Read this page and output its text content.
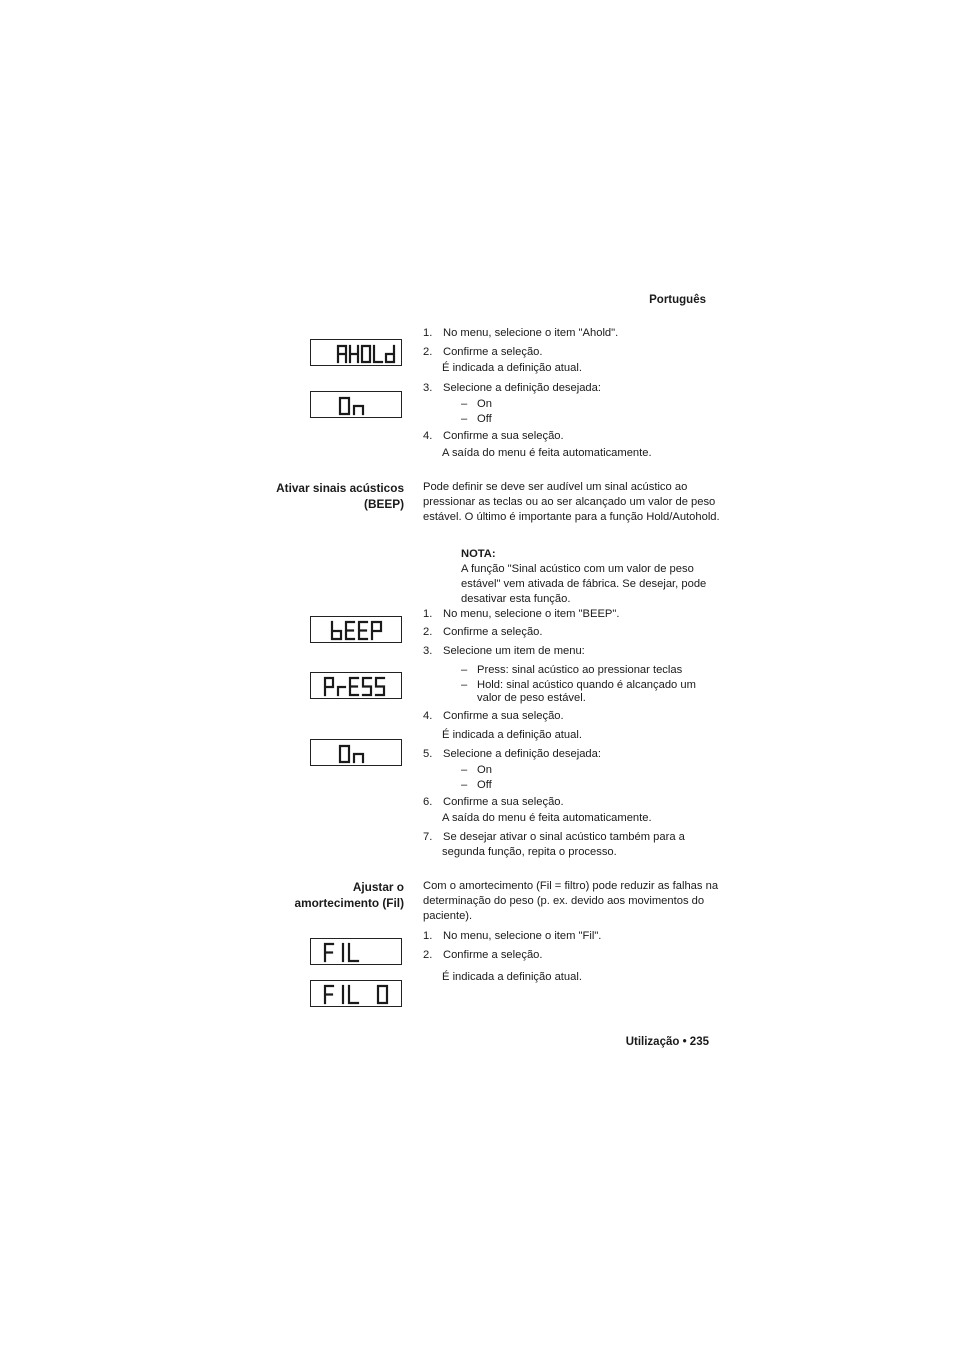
Português
1. No menu, selecione o item "Ahold".
2. Confirme a seleção.
É indicada a definição atual.
3. Selecione a definição desejada:
– On
– Off
4. Confirme a sua seleção.
A saída do menu é feita automaticamente.
Ativar sinais acústicos
(BEEP)
Pode definir se deve ser audível um sinal acústico ao pressionar as teclas ou ao ser alcançado um valor de peso estável. O último é importante para a função Hold/Autohold.
NOTA:
A função "Sinal acústico com um valor de peso estável" vem ativada de fábrica. Se desejar, pode desativar esta função.
1. No menu, selecione o item "BEEP".
2. Confirme a seleção.
3. Selecione um item de menu:
– Press: sinal acústico ao pressionar teclas
– Hold: sinal acústico quando é alcançado um
valor de peso estável.
4. Confirme a sua seleção.
É indicada a definição atual.
5. Selecione a definição desejada:
– On
– Off
6. Confirme a sua seleção.
A saída do menu é feita automaticamente.
7. Se desejar ativar o sinal acústico também para a
segunda função, repita o processo.
Ajustar o
amortecimento (Fil)
Com o amortecimento (Fil = filtro) pode reduzir as falhas na determinação do peso (p. ex. devido aos movimentos do paciente).
1. No menu, selecione o item "Fil".
2. Confirme a seleção.
É indicada a definição atual.
Utilização • 235
